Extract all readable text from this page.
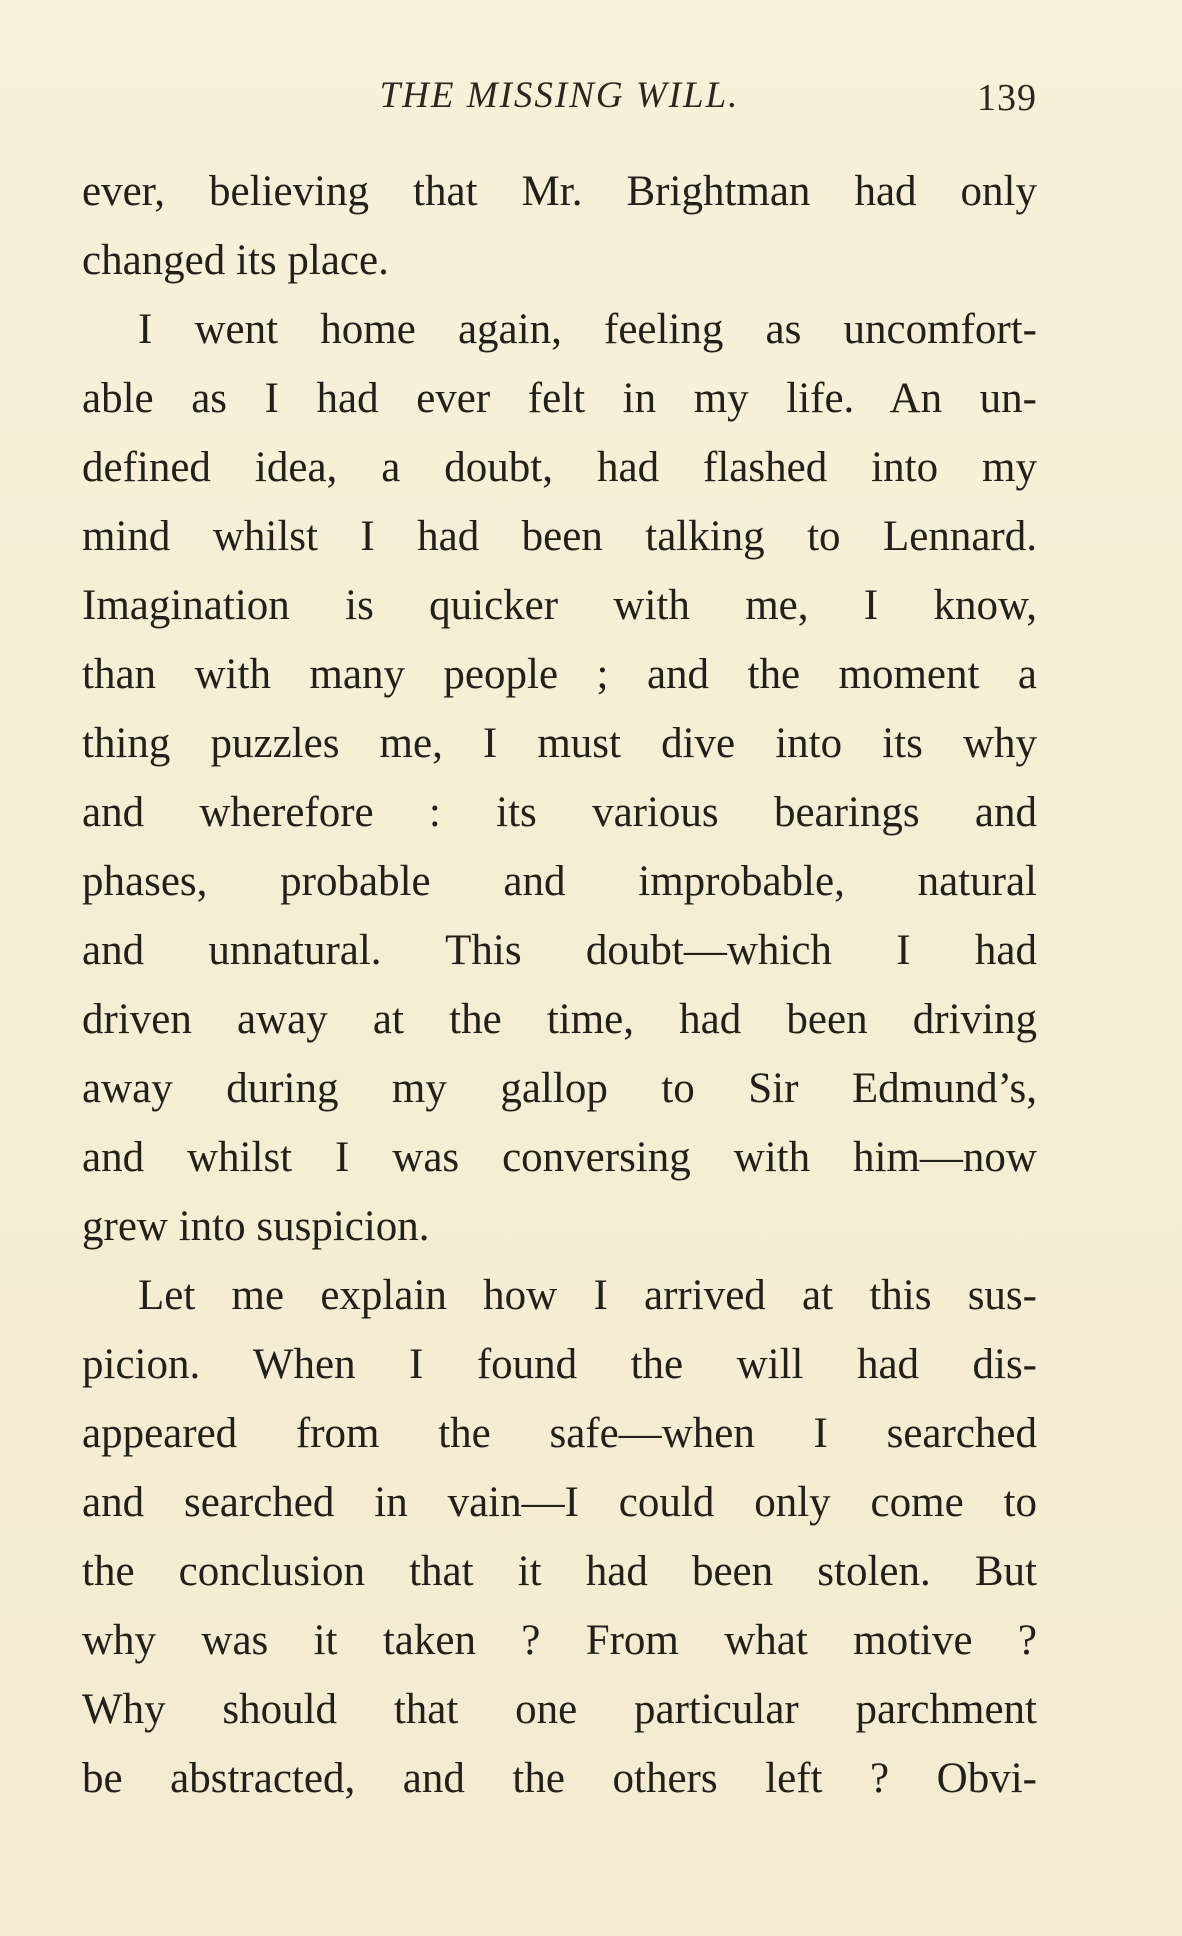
THE MISSING WILL.	139
ever, believing that Mr. Brightman had only
changed its place.
I went home again, feeling as uncomfort-
able as I had ever felt in my life. An un-
defined idea, a doubt, had flashed into my
mind whilst I had been talking to Lennard.
Imagination is quicker with me, I know,
than with many people ; and the moment a
thing puzzles me, I must dive into its why
and wherefore : its various bearings and
phases, probable and improbable, natural
and unnatural. This doubt—which I had
driven away at the time, had been driving
away during my gallop to Sir Edmund’s,
and whilst I was conversing with him—now
grew into suspicion.
Let me explain how I arrived at this sus-
picion. When I found the will had dis-
appeared from the safe—when I searched
and searched in vain—I could only come to
the conclusion that it had been stolen. But
why was it taken ? From what motive ?
Why should that one particular parchment
be abstracted, and the others left ? Obvi-
